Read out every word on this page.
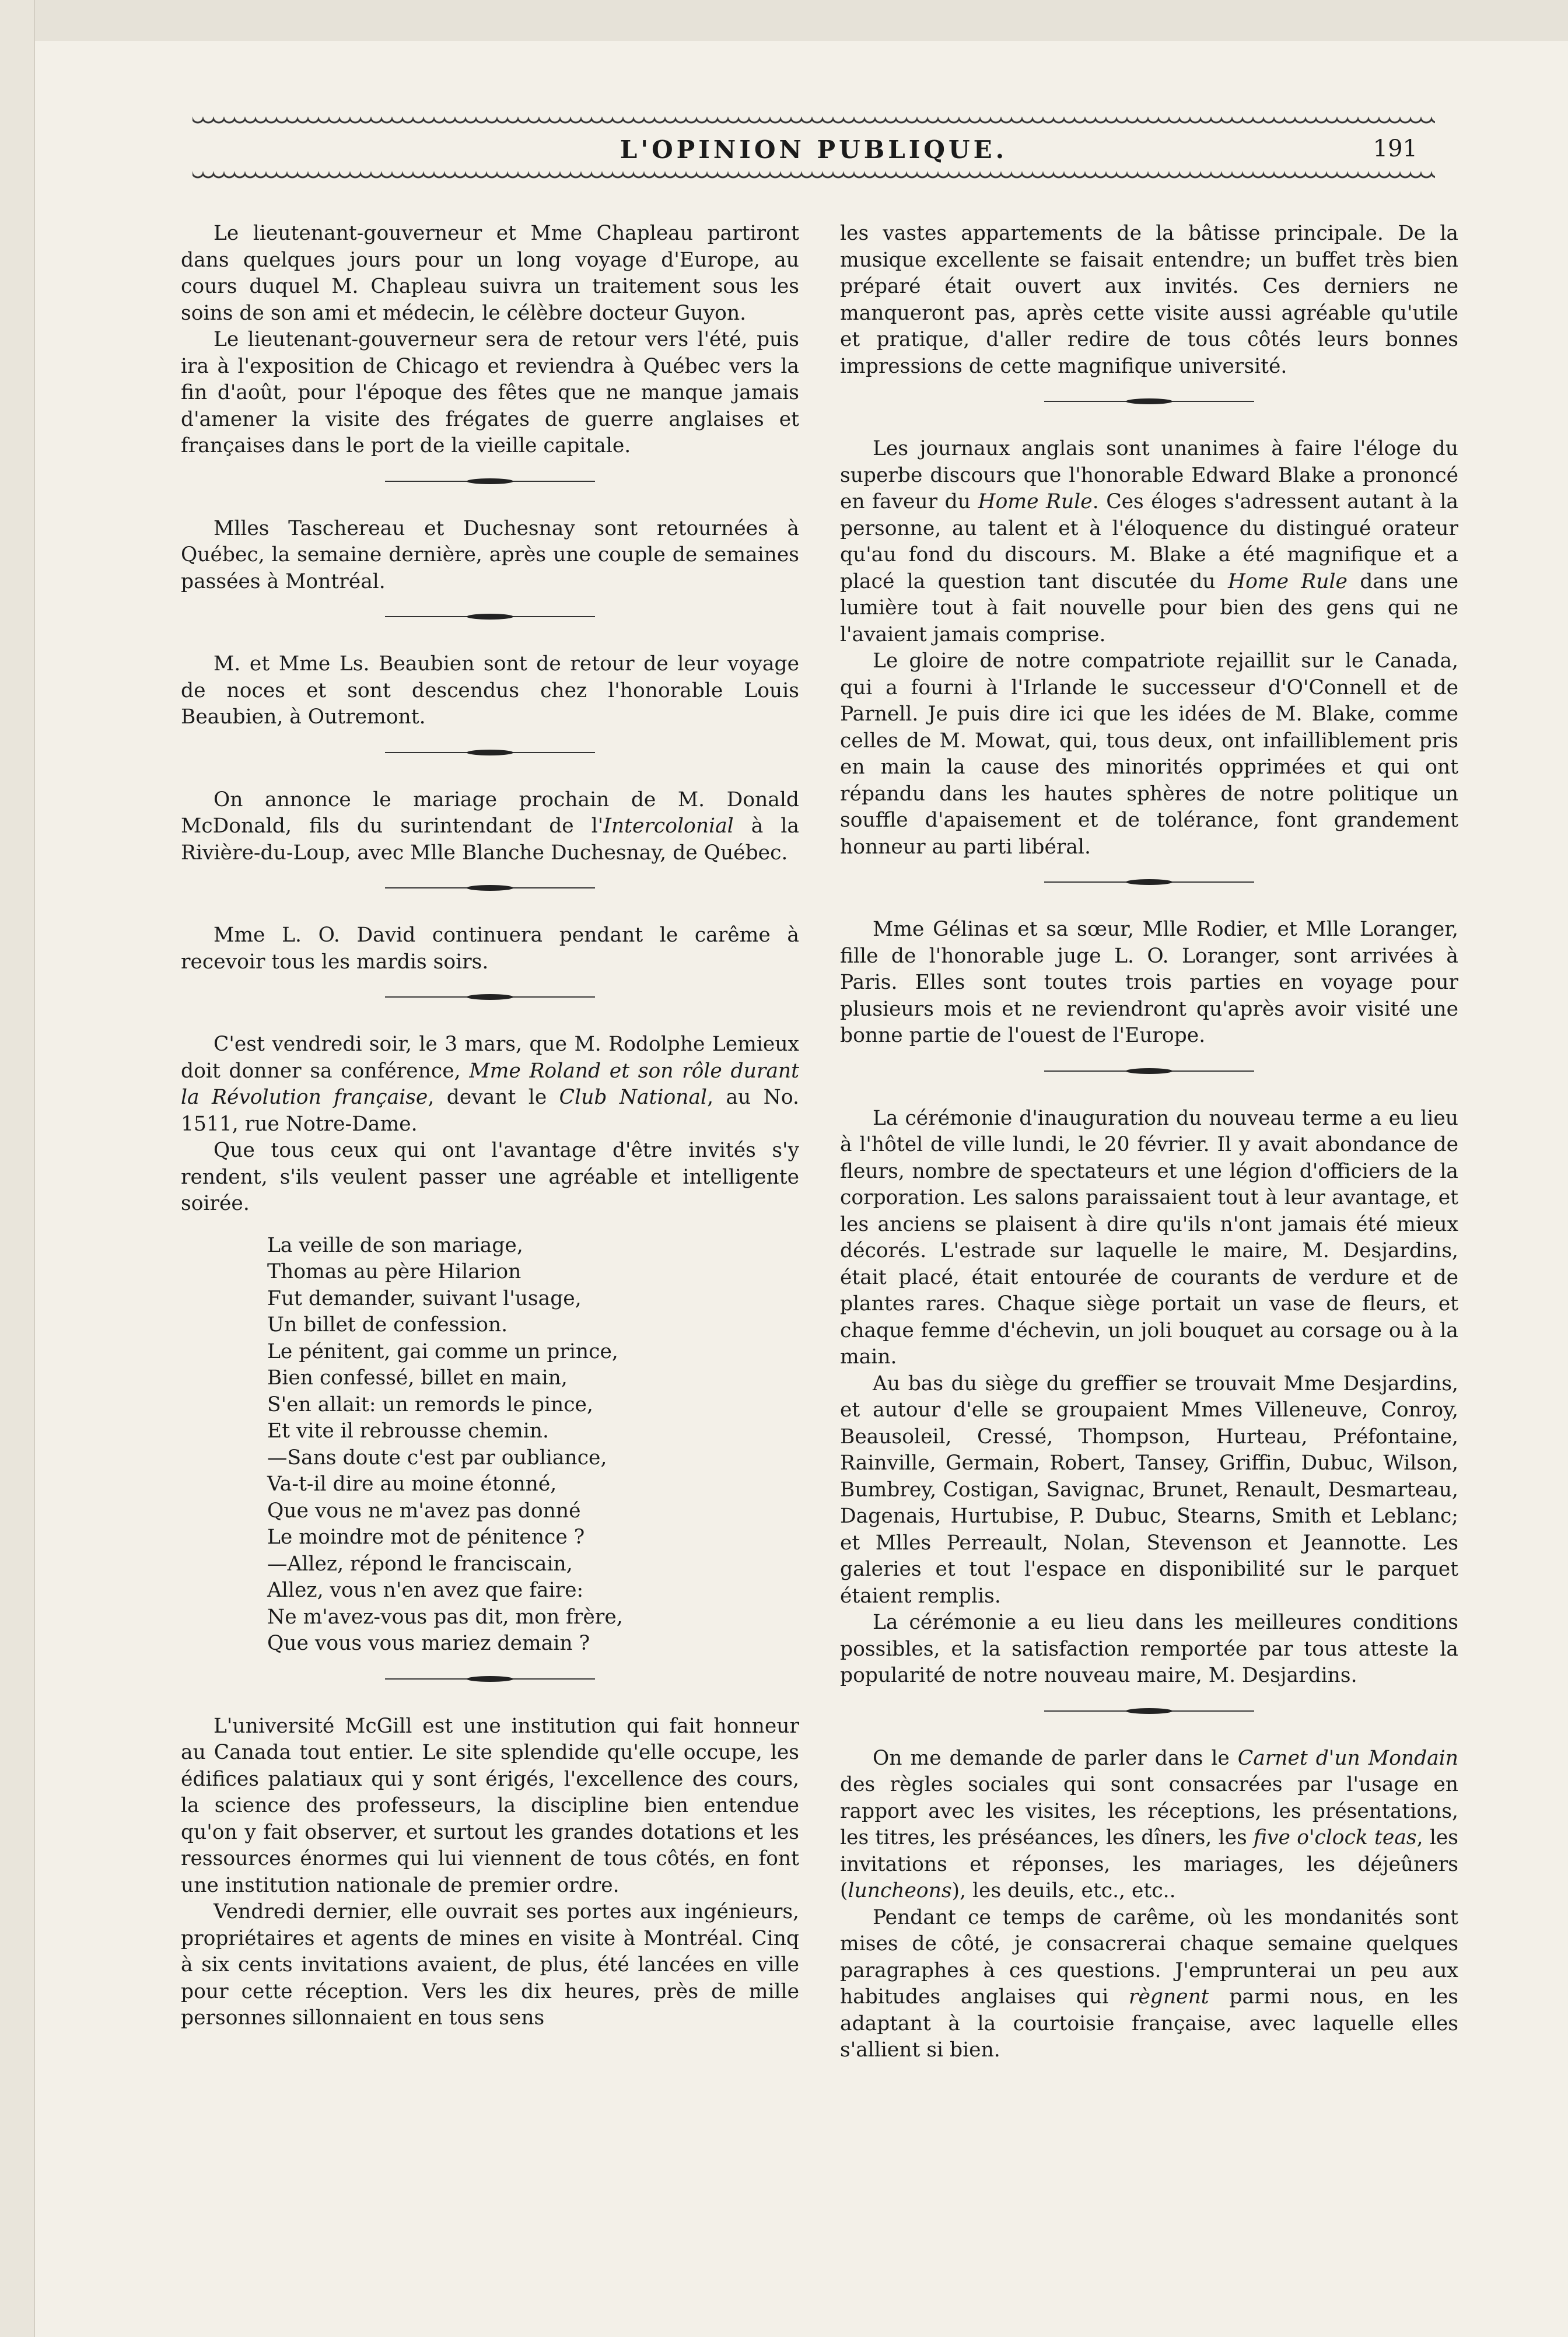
L'OPINION PUBLIQUE.	191

Le lieutenant-gouverneur et Mme Chapleau partiront dans quelques jours pour un long voyage d'Europe, au cours duquel M. Chapleau suivra un traitement sous les soins de son ami et médecin, le célèbre docteur Guyon.

Le lieutenant-gouverneur sera de retour vers l'été, puis ira à l'exposition de Chicago et reviendra à Québec vers la fin d'août, pour l'époque des fêtes que ne manque jamais d'amener la visite des frégates de guerre anglaises et françaises dans le port de la vieille capitale.

Mlles Taschereau et Duchesnay sont retournées à Québec, la semaine dernière, après une couple de semaines passées à Montréal.

M. et Mme Ls. Beaubien sont de retour de leur voyage de noces et sont descendus chez l'honorable Louis Beaubien, à Outremont.

On annonce le mariage prochain de M. Donald McDonald, fils du surintendant de l'Intercolonial à la Rivière-du-Loup, avec Mlle Blanche Duchesnay, de Québec.

Mme L. O. David continuera pendant le carême à recevoir tous les mardis soirs.

C'est vendredi soir, le 3 mars, que M. Rodolphe Lemieux doit donner sa conférence, Mme Roland et son rôle durant la Révolution française, devant le Club National, au No. 1511, rue Notre-Dame.

Que tous ceux qui ont l'avantage d'être invités s'y rendent, s'ils veulent passer une agréable et intelligente soirée.

La veille de son mariage,
Thomas au père Hilarion
Fut demander, suivant l'usage,
Un billet de confession.
Le pénitent, gai comme un prince,
Bien confessé, billet en main,
S'en allait: un remords le pince,
Et vite il rebrousse chemin.
—Sans doute c'est par oubliance,
Va-t-il dire au moine étonné,
Que vous ne m'avez pas donné
Le moindre mot de pénitence ?
—Allez, répond le franciscain,
Allez, vous n'en avez que faire:
Ne m'avez-vous pas dit, mon frère,
Que vous vous mariez demain ?

L'université McGill est une institution qui fait honneur au Canada tout entier. Le site splendide qu'elle occupe, les édifices palatiaux qui y sont érigés, l'excellence des cours, la science des professeurs, la discipline bien entendue qu'on y fait observer, et surtout les grandes dotations et les ressources énormes qui lui viennent de tous côtés, en font une institution nationale de premier ordre.

Vendredi dernier, elle ouvrait ses portes aux ingénieurs, propriétaires et agents de mines en visite à Montréal. Cinq à six cents invitations avaient, de plus, été lancées en ville pour cette réception. Vers les dix heures, près de mille personnes sillonnaient en tous sens

les vastes appartements de la bâtisse principale. De la musique excellente se faisait entendre; un buffet très bien préparé était ouvert aux invités. Ces derniers ne manqueront pas, après cette visite aussi agréable qu'utile et pratique, d'aller redire de tous côtés leurs bonnes impressions de cette magnifique université.

Les journaux anglais sont unanimes à faire l'éloge du superbe discours que l'honorable Edward Blake a prononcé en faveur du Home Rule. Ces éloges s'adressent autant à la personne, au talent et à l'éloquence du distingué orateur qu'au fond du discours. M. Blake a été magnifique et a placé la question tant discutée du Home Rule dans une lumière tout à fait nouvelle pour bien des gens qui ne l'avaient jamais comprise.

Le gloire de notre compatriote rejaillit sur le Canada, qui a fourni à l'Irlande le successeur d'O'Connell et de Parnell. Je puis dire ici que les idées de M. Blake, comme celles de M. Mowat, qui, tous deux, ont infailliblement pris en main la cause des minorités opprimées et qui ont répandu dans les hautes sphères de notre politique un souffle d'apaisement et de tolérance, font grandement honneur au parti libéral.

Mme Gélinas et sa sœur, Mlle Rodier, et Mlle Loranger, fille de l'honorable juge L. O. Loranger, sont arrivées à Paris. Elles sont toutes trois parties en voyage pour plusieurs mois et ne reviendront qu'après avoir visité une bonne partie de l'ouest de l'Europe.

La cérémonie d'inauguration du nouveau terme a eu lieu à l'hôtel de ville lundi, le 20 février. Il y avait abondance de fleurs, nombre de spectateurs et une légion d'officiers de la corporation. Les salons paraissaient tout à leur avantage, et les anciens se plaisent à dire qu'ils n'ont jamais été mieux décorés. L'estrade sur laquelle le maire, M. Desjardins, était placé, était entourée de courants de verdure et de plantes rares. Chaque siège portait un vase de fleurs, et chaque femme d'échevin, un joli bouquet au corsage ou à la main.

Au bas du siège du greffier se trouvait Mme Desjardins, et autour d'elle se groupaient Mmes Villeneuve, Conroy, Beausoleil, Cressé, Thompson, Hurteau, Préfontaine, Rainville, Germain, Robert, Tansey, Griffin, Dubuc, Wilson, Bumbrey, Costigan, Savignac, Brunet, Renault, Desmarteau, Dagenais, Hurtubise, P. Dubuc, Stearns, Smith et Leblanc; et Mlles Perreault, Nolan, Stevenson et Jeannotte. Les galeries et tout l'espace en disponibilité sur le parquet étaient remplis.

La cérémonie a eu lieu dans les meilleures conditions possibles, et la satisfaction remportée par tous atteste la popularité de notre nouveau maire, M. Desjardins.

On me demande de parler dans le Carnet d'un Mondain des règles sociales qui sont consacrées par l'usage en rapport avec les visites, les réceptions, les présentations, les titres, les préséances, les dîners, les five o'clock teas, les invitations et réponses, les mariages, les déjeûners (luncheons), les deuils, etc., etc..

Pendant ce temps de carême, où les mondanités sont mises de côté, je consacrerai chaque semaine quelques paragraphes à ces questions. J'emprunterai un peu aux habitudes anglaises qui règnent parmi nous, en les adaptant à la courtoisie française, avec laquelle elles s'allient si bien.
